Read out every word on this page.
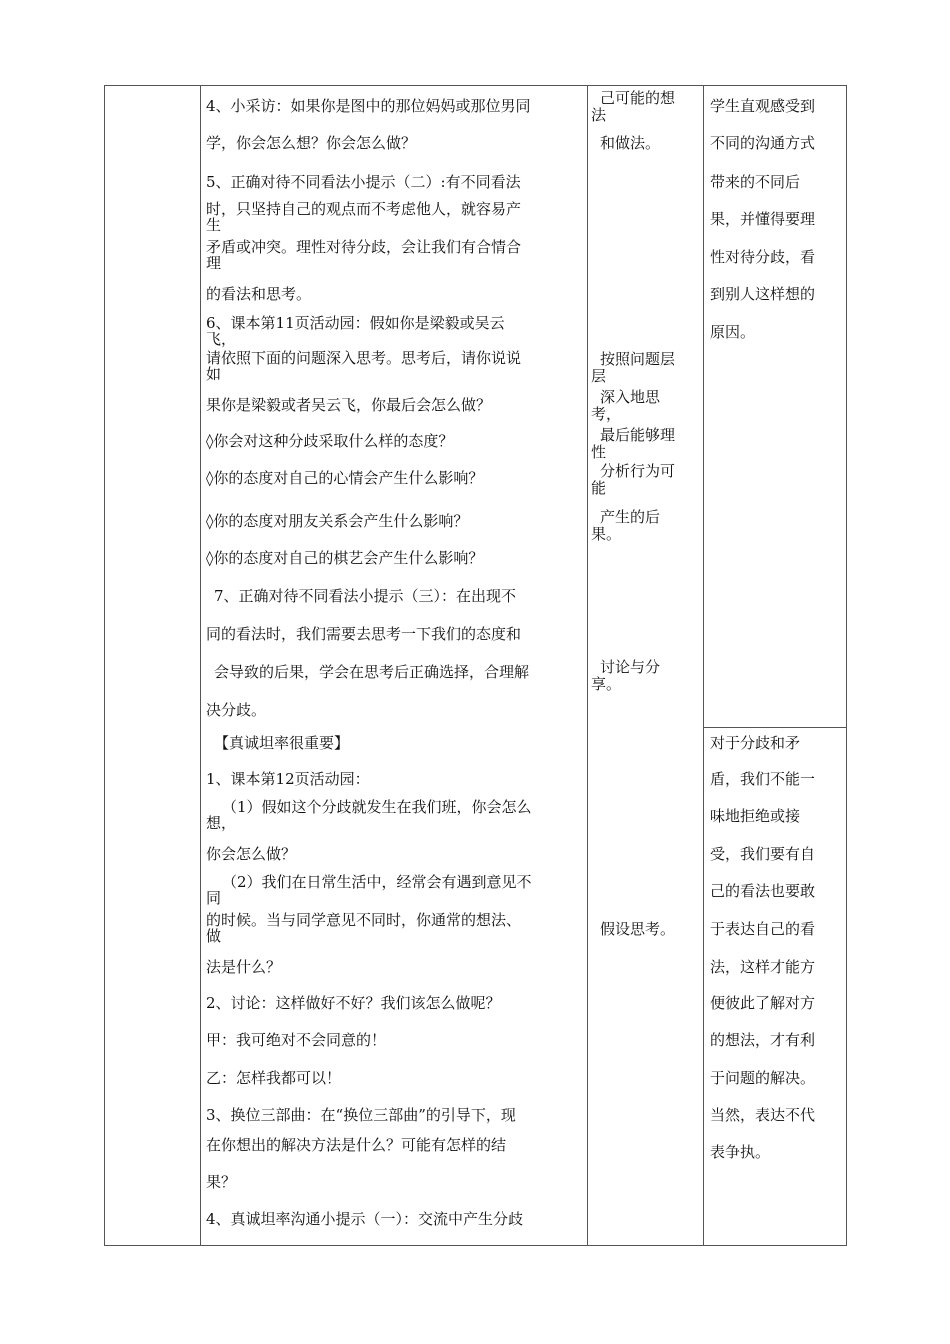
4、小采访：如果你是图中的那位妈妈或那位男同
学，你会怎么想？你会怎么做？
5、正确对待不同看法小提示（二）:有不同看法
时，只坚持自己的观点而不考虑他人，就容易产
生
矛盾或冲突。理性对待分歧，会让我们有合情合
理
的看法和思考。
6、课本第11页活动园：假如你是梁毅或吴云
飞，
请依照下面的问题深入思考。思考后，请你说说
如
果你是梁毅或者吴云飞，你最后会怎么做？
◊你会对这种分歧采取什么样的态度？
◊你的态度对自己的心情会产生什么影响？
◊你的态度对朋友关系会产生什么影响？
◊你的态度对自己的棋艺会产生什么影响？
7、正确对待不同看法小提示（三）：在出现不
同的看法时，我们需要去思考一下我们的态度和
会导致的后果，学会在思考后正确选择，合理解
决分歧。
【真诚坦率很重要】
1、课本第12页活动园：
（1）假如这个分歧就发生在我们班，你会怎么
想，
你会怎么做？
（2）我们在日常生活中，经常会有遇到意见不
同
的时候。当与同学意见不同时，你通常的想法、
做
法是什么？
2、讨论：这样做好不好？我们该怎么做呢？
甲：我可绝对不会同意的！
乙：怎样我都可以！
3、换位三部曲：在“换位三部曲”的引导下，现
在你想出的解决方法是什么？可能有怎样的结
果？
4、真诚坦率沟通小提示（一）：交流中产生分歧
己可能的想
法
和做法。
按照问题层
层
深入地思
考，
最后能够理
性
分析行为可
能
产生的后
果。
讨论与分
享。
假设思考。
学生直观感受到
不同的沟通方式
带来的不同后
果，并懂得要理
性对待分歧，看
到别人这样想的
原因。
对于分歧和矛
盾，我们不能一
味地拒绝或接
受，我们要有自
己的看法也要敢
于表达自己的看
法，这样才能方
便彼此了解对方
的想法，才有利
于问题的解决。
当然，表达不代
表争执。
